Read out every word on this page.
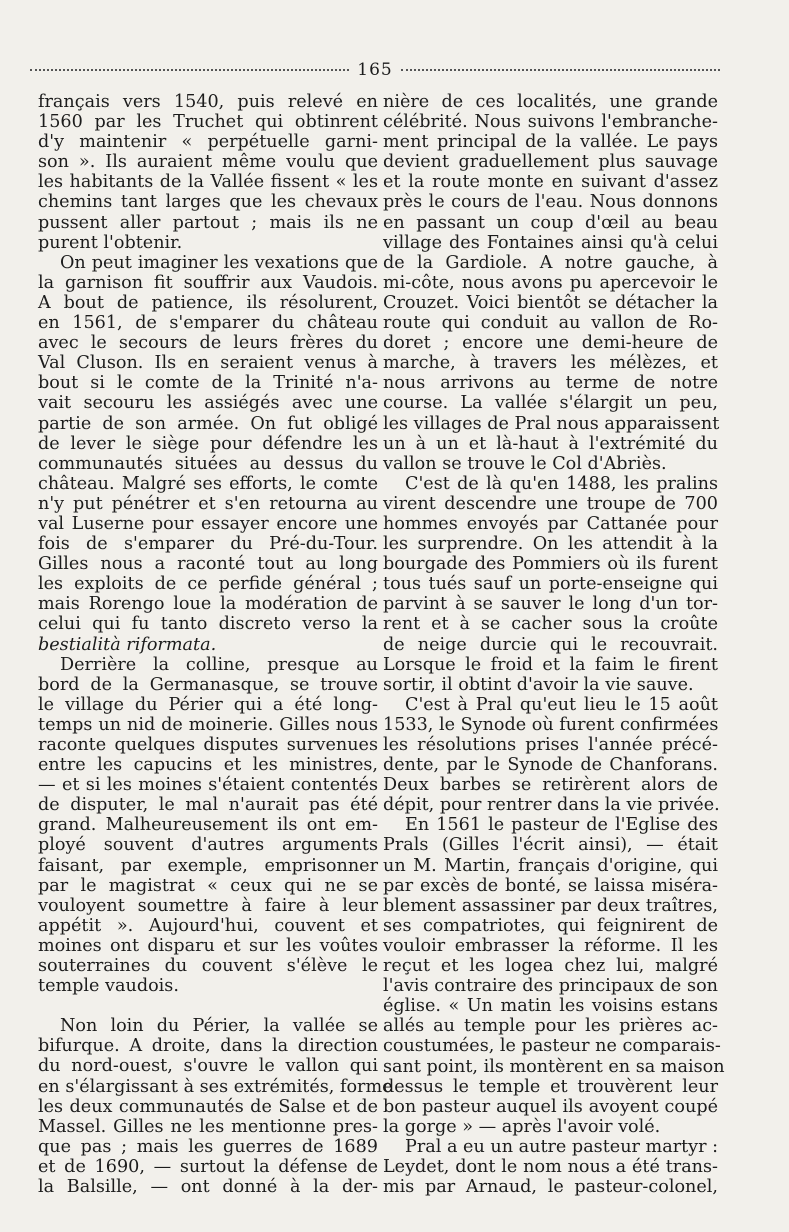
165
français vers 1540, puis relevé en
1560 par les Truchet qui obtinrent
d'y maintenir « perpétuelle garni-
son ». Ils auraient même voulu que
les habitants de la Vallée fissent « les
chemins tant larges que les chevaux
pussent aller partout ; mais ils ne
purent l'obtenir.
On peut imaginer les vexations que
la garnison fit souffrir aux Vaudois.
A bout de patience, ils résolurent,
en 1561, de s'emparer du château
avec le secours de leurs frères du
Val Cluson. Ils en seraient venus à
bout si le comte de la Trinité n'a-
vait secouru les assiégés avec une
partie de son armée. On fut obligé
de lever le siège pour défendre les
communautés situées au dessus du
château. Malgré ses efforts, le comte
n'y put pénétrer et s'en retourna au
val Luserne pour essayer encore une
fois de s'emparer du Pré-du-Tour.
Gilles nous a raconté tout au long
les exploits de ce perfide général ;
mais Rorengo loue la modération de
celui qui fu tanto discreto verso la
bestialità riformata.
Derrière la colline, presque au
bord de la Germanasque, se trouve
le village du Périer qui a été long-
temps un nid de moinerie. Gilles nous
raconte quelques disputes survenues
entre les capucins et les ministres,
— et si les moines s'étaient contentés
de disputer, le mal n'aurait pas été
grand. Malheureusement ils ont em-
ployé souvent d'autres arguments
faisant, par exemple, emprisonner
par le magistrat « ceux qui ne se
vouloyent soumettre à faire à leur
appétit ». Aujourd'hui, couvent et
moines ont disparu et sur les voûtes
souterraines du couvent s'élève le
temple vaudois.
Non loin du Périer, la vallée se
bifurque. A droite, dans la direction
du nord-ouest, s'ouvre le vallon qui
en s'élargissant à ses extrémités, forme
les deux communautés de Salse et de
Massel. Gilles ne les mentionne pres-
que pas ; mais les guerres de 1689
et de 1690, — surtout la défense de
la Balsille, — ont donné à la der-
nière de ces localités, une grande
célébrité. Nous suivons l'embranche-
ment principal de la vallée. Le pays
devient graduellement plus sauvage
et la route monte en suivant d'assez
près le cours de l'eau. Nous donnons
en passant un coup d'œil au beau
village des Fontaines ainsi qu'à celui
de la Gardiole. A notre gauche, à
mi-côte, nous avons pu apercevoir le
Crouzet. Voici bientôt se détacher la
route qui conduit au vallon de Ro-
doret ; encore une demi-heure de
marche, à travers les mélèzes, et
nous arrivons au terme de notre
course. La vallée s'élargit un peu,
les villages de Pral nous apparaissent
un à un et là-haut à l'extrémité du
vallon se trouve le Col d'Abriès.
C'est de là qu'en 1488, les pralins
virent descendre une troupe de 700
hommes envoyés par Cattanée pour
les surprendre. On les attendit à la
bourgade des Pommiers où ils furent
tous tués sauf un porte-enseigne qui
parvint à se sauver le long d'un tor-
rent et à se cacher sous la croûte
de neige durcie qui le recouvrait.
Lorsque le froid et la faim le firent
sortir, il obtint d'avoir la vie sauve.
C'est à Pral qu'eut lieu le 15 août
1533, le Synode où furent confirmées
les résolutions prises l'année précé-
dente, par le Synode de Chanforans.
Deux barbes se retirèrent alors de
dépit, pour rentrer dans la vie privée.
En 1561 le pasteur de l'Eglise des
Prals (Gilles l'écrit ainsi), — était
un M. Martin, français d'origine, qui
par excès de bonté, se laissa miséra-
blement assassiner par deux traîtres,
ses compatriotes, qui feignirent de
vouloir embrasser la réforme. Il les
reçut et les logea chez lui, malgré
l'avis contraire des principaux de son
église. « Un matin les voisins estans
allés au temple pour les prières ac-
coustumées, le pasteur ne comparais-
sant point, ils montèrent en sa maison
dessus le temple et trouvèrent leur
bon pasteur auquel ils avoyent coupé
la gorge » — après l'avoir volé.
Pral a eu un autre pasteur martyr :
Leydet, dont le nom nous a été trans-
mis par Arnaud, le pasteur-colonel,
